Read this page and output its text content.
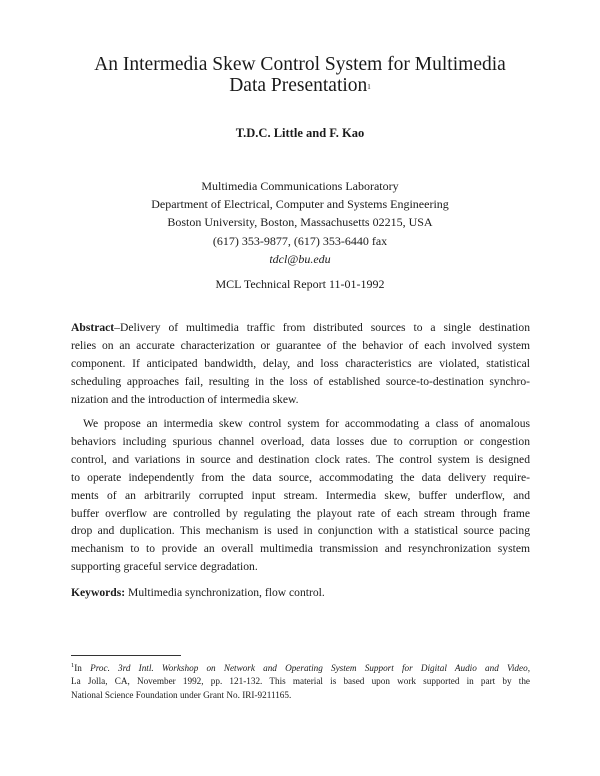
An Intermedia Skew Control System for Multimedia
Data Presentation$^1$
T.D.C. Little and F. Kao
Multimedia Communications Laboratory
Department of Electrical, Computer and Systems Engineering
Boston University, Boston, Massachusetts 02215, USA
(617) 353-9877, (617) 353-6440 fax
tdcl@bu.edu
MCL Technical Report 11-01-1992
Abstract–Delivery of multimedia traffic from distributed sources to a single destination
relies on an accurate characterization or guarantee of the behavior of each involved system
component. If anticipated bandwidth, delay, and loss characteristics are violated, statistical
scheduling approaches fail, resulting in the loss of established source-to-destination synchro-
nization and the introduction of intermedia skew.
We propose an intermedia skew control system for accommodating a class of anomalous
behaviors including spurious channel overload, data losses due to corruption or congestion
control, and variations in source and destination clock rates. The control system is designed
to operate independently from the data source, accommodating the data delivery require-
ments of an arbitrarily corrupted input stream. Intermedia skew, buffer underflow, and
buffer overflow are controlled by regulating the playout rate of each stream through frame
drop and duplication. This mechanism is used in conjunction with a statistical source pacing
mechanism to to provide an overall multimedia transmission and resynchronization system
supporting graceful service degradation.
Keywords: Multimedia synchronization, flow control.
$^1$In Proc. 3rd Intl. Workshop on Network and Operating System Support for Digital Audio and Video,
La Jolla, CA, November 1992, pp. 121-132. This material is based upon work supported in part by the
National Science Foundation under Grant No. IRI-9211165.
